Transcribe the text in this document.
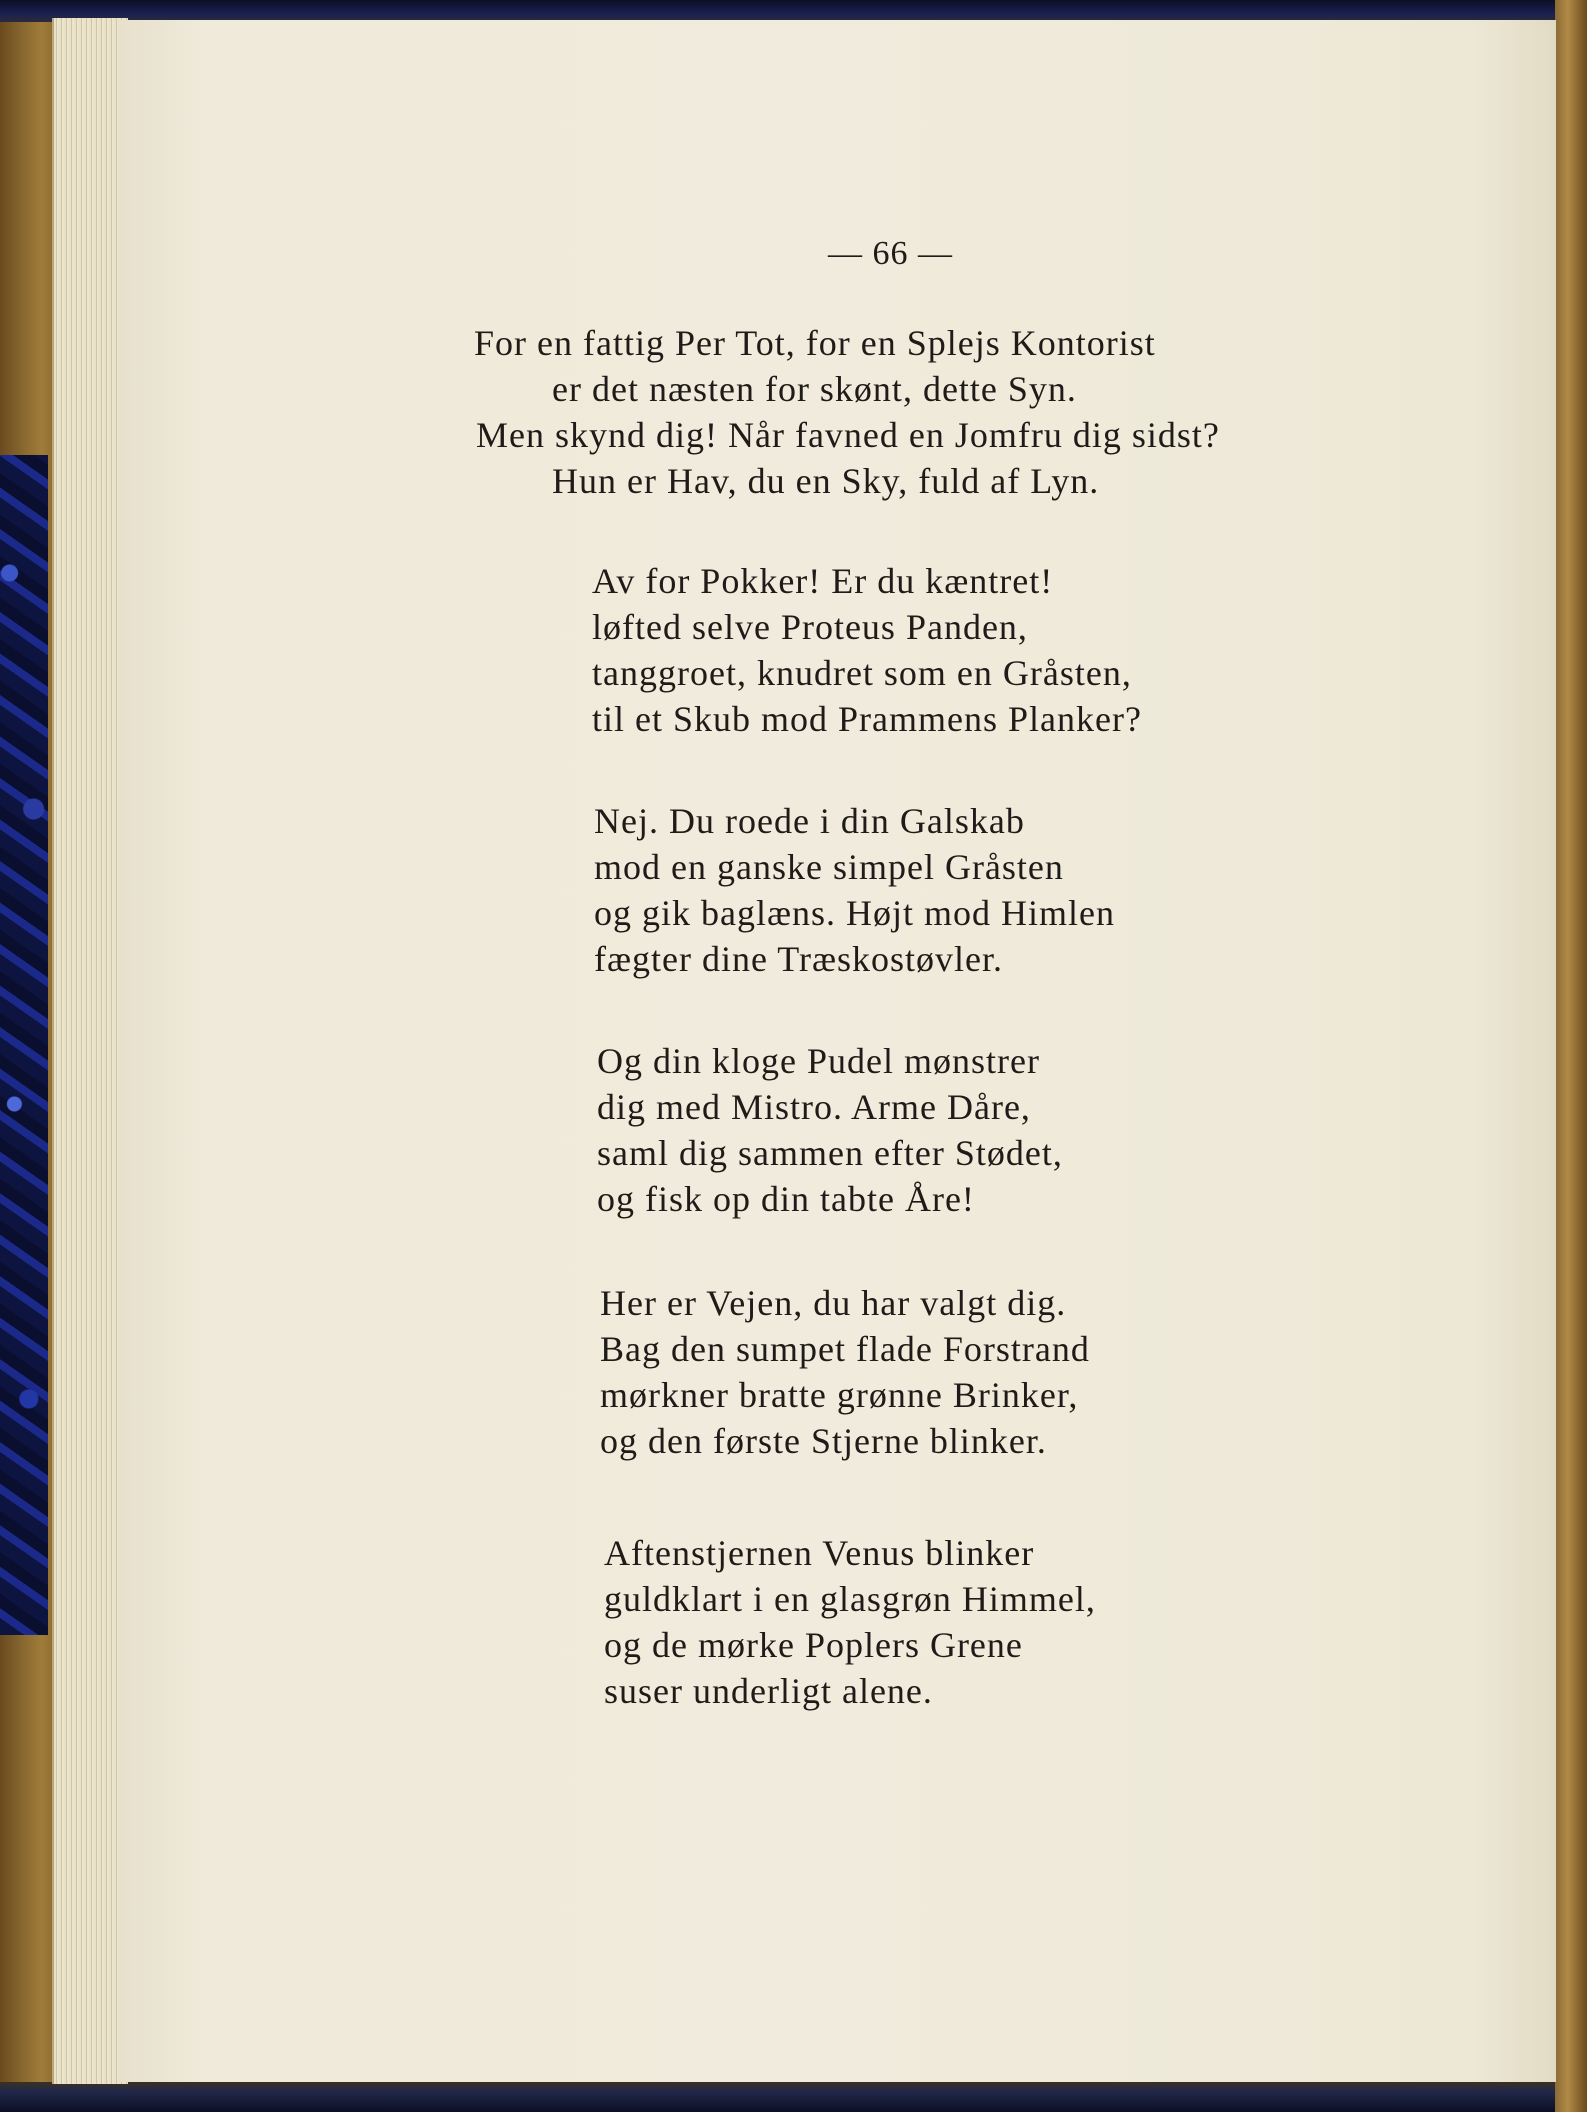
— 66 —
For en fattig Per Tot, for en Splejs Kontorist
er det næsten for skønt, dette Syn.
Men skynd dig! Når favned en Jomfru dig sidst?
Hun er Hav, du en Sky, fuld af Lyn.
Av for Pokker! Er du kæntret!
løfted selve Proteus Panden,
tanggroet, knudret som en Gråsten,
til et Skub mod Prammens Planker?
Nej. Du roede i din Galskab
mod en ganske simpel Gråsten
og gik baglæns. Højt mod Himlen
fægter dine Træskostøvler.
Og din kloge Pudel mønstrer
dig med Mistro. Arme Dåre,
saml dig sammen efter Stødet,
og fisk op din tabte Åre!
Her er Vejen, du har valgt dig.
Bag den sumpet flade Forstrand
mørkner bratte grønne Brinker,
og den første Stjerne blinker.
Aftenstjernen Venus blinker
guldklart i en glasgrøn Himmel,
og de mørke Poplers Grene
suser underligt alene.
